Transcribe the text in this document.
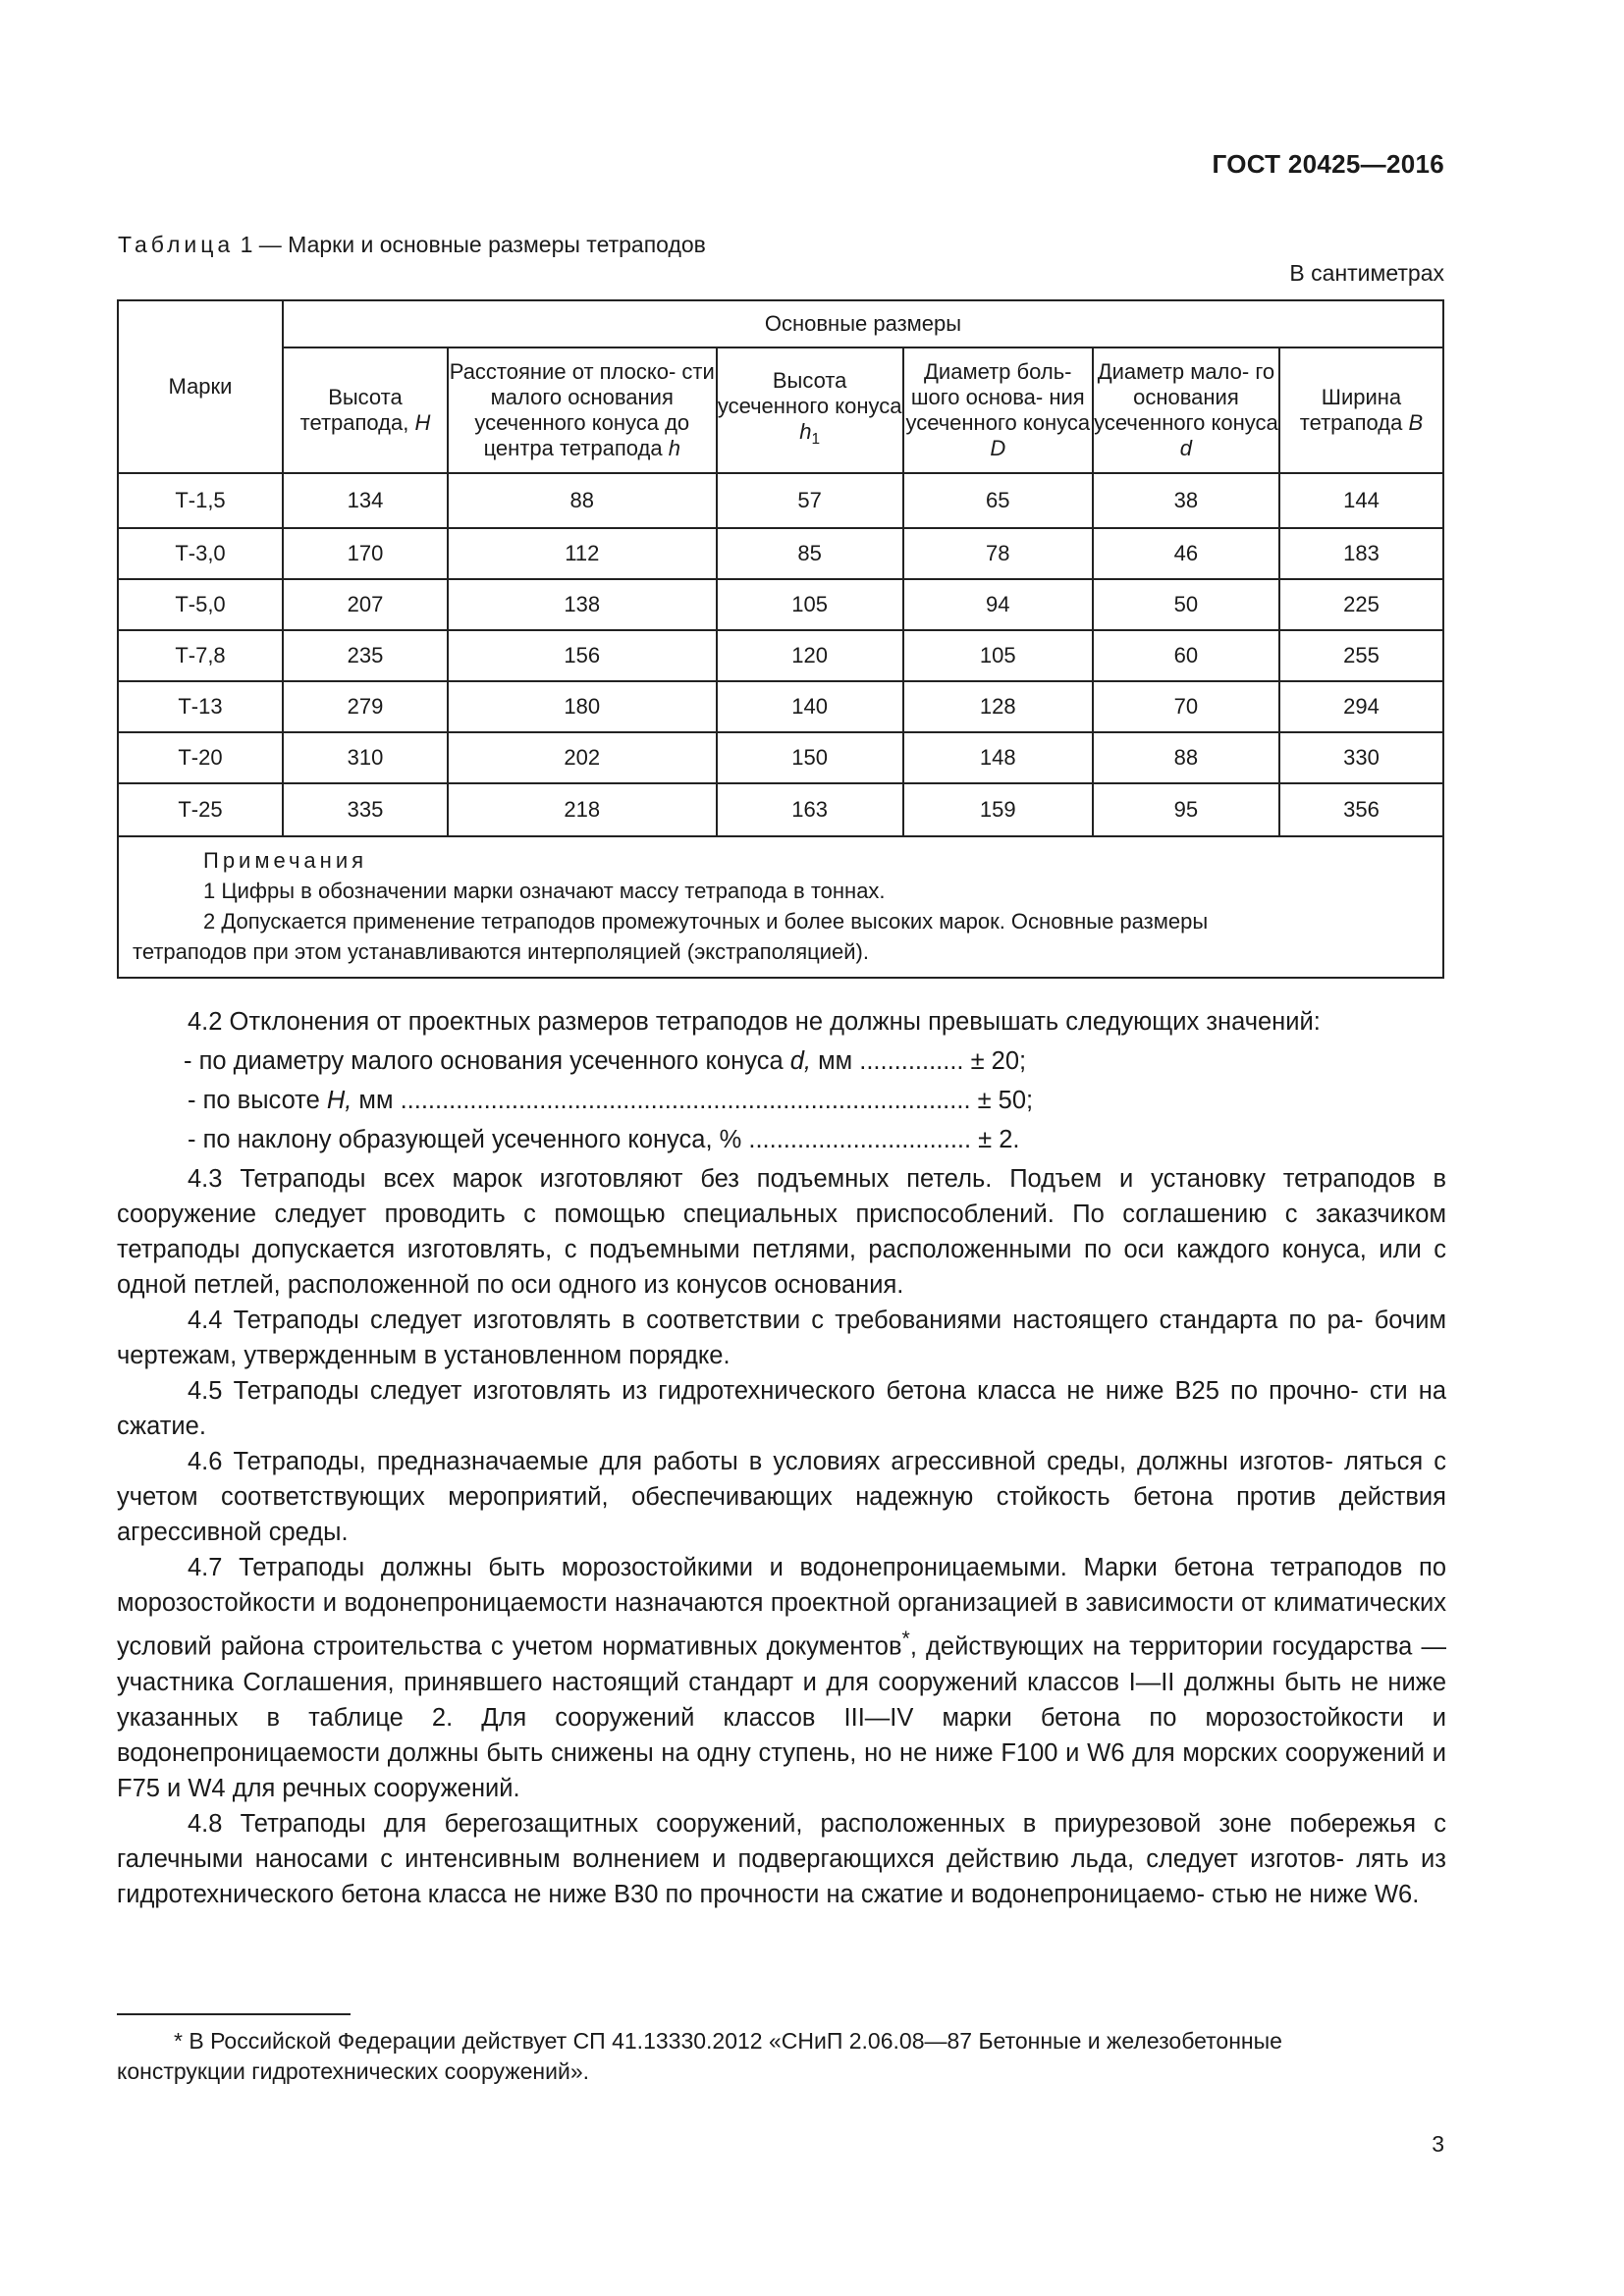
ГОСТ 20425—2016
Таблица 1 — Марки и основные размеры тетраподов
В сантиметрах
Марки	Основные размеры					
	Высота тетрапода, H	Расстояние от плоско- сти малого основания усеченного конуса до центра тетрапода h	Высота усеченного конуса $h_1$	Диаметр боль- шого основа- ния усеченного конуса D	Диаметр мало- го основания усеченного конуса d	Ширина тетрапода B
Т-1,5	134	88	57	65	38	144
Т-3,0	170	112	85	78	46	183
Т-5,0	207	138	105	94	50	225
Т-7,8	235	156	120	105	60	255
Т-13	279	180	140	128	70	294
Т-20	310	202	150	148	88	330
Т-25	335	218	163	159	95	356

Примечания
1 Цифры в обозначении марки означают массу тетрапода в тоннах.
2 Допускается применение тетраподов промежуточных и более высоких марок. Основные размеры
тетраподов при этом устанавливаются интерполяцией (экстраполяцией).						

4.2 Отклонения от проектных размеров тетраподов не должны превышать следующих значений:

- по диаметру малого основания усеченного конуса d, мм ............... ± 20;

- по высоте Н, мм .................................................................................. ± 50;

- по наклону образующей усеченного конуса, % ................................ ± 2.

4.3 Тетраподы всех марок изготовляют без подъемных петель. Подъем и установку тетраподов в сооружение следует проводить с помощью специальных приспособлений. По соглашению с заказчиком тетраподы допускается изготовлять, с подъемными петлями, расположенными по оси каждого конуса, или с одной петлей, расположенной по оси одного из конусов основания.

4.4 Тетраподы следует изготовлять в соответствии с требованиями настоящего стандарта по ра- бочим чертежам, утвержденным в установленном порядке.

4.5 Тетраподы следует изготовлять из гидротехнического бетона класса не ниже B25 по прочно- сти на сжатие.

4.6 Тетраподы, предназначаемые для работы в условиях агрессивной среды, должны изготов- ляться с учетом соответствующих мероприятий, обеспечивающих надежную стойкость бетона против действия агрессивной среды.

4.7 Тетраподы должны быть морозостойкими и водонепроницаемыми. Марки бетона тетраподов по морозостойкости и водонепроницаемости назначаются проектной организацией в зависимости от климатических условий района строительства с учетом нормативных документов*, действующих на территории государства — участника Соглашения, принявшего настоящий стандарт и для сооружений классов I—II должны быть не ниже указанных в таблице 2. Для сооружений классов III—IV марки бетона по морозостойкости и водонепроницаемости должны быть снижены на одну ступень, но не ниже F100 и W6 для морских сооружений и F75 и W4 для речных сооружений.

4.8 Тетраподы для берегозащитных сооружений, расположенных в приурезовой зоне побережья с галечными наносами с интенсивным волнением и подвергающихся действию льда, следует изготов- лять из гидротехнического бетона класса не ниже B30 по прочности на сжатие и водонепроницаемо- стью не ниже W6.

* В Российской Федерации действует СП 41.13330.2012 «СНиП 2.06.08—87 Бетонные и железобетонные
конструкции гидротехнических сооружений».
3
